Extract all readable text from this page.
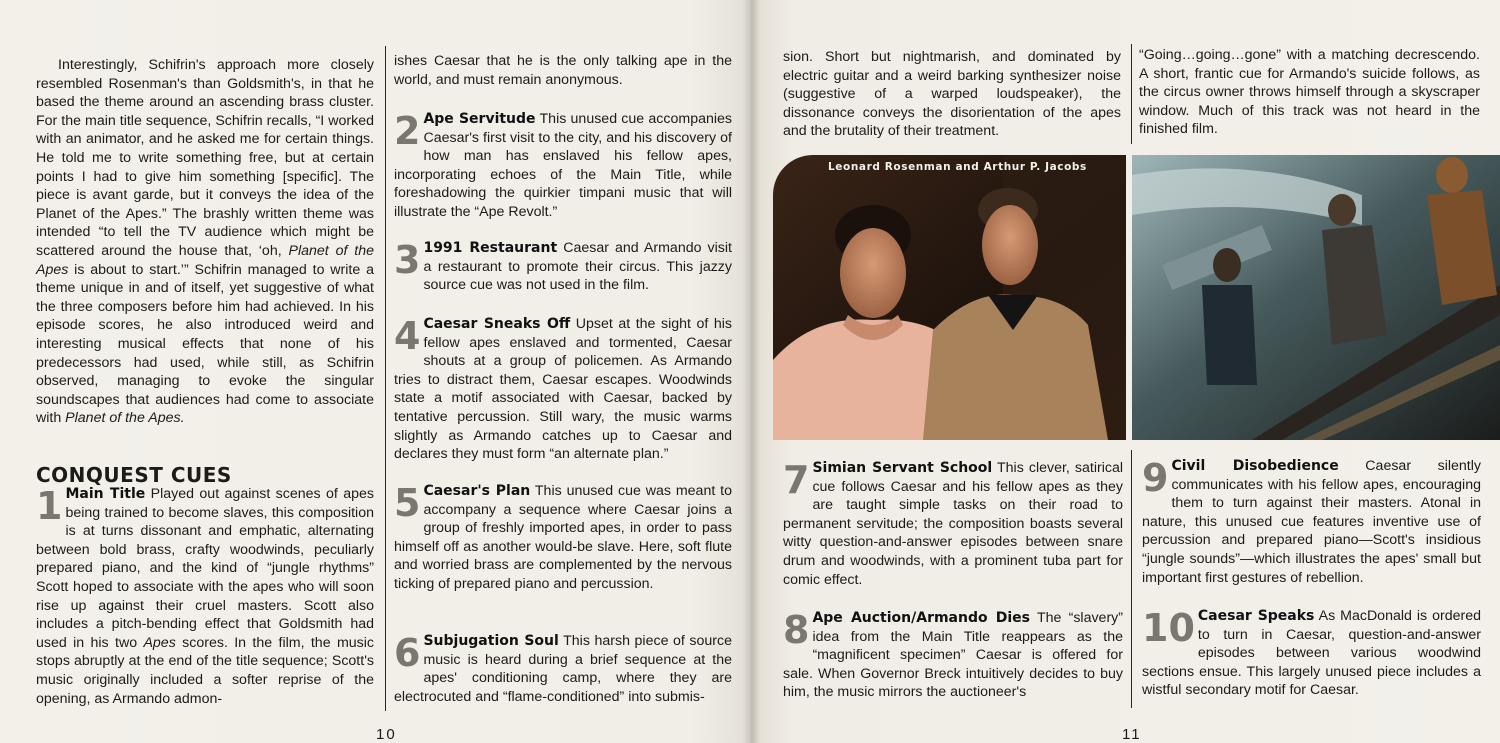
Interestingly, Schifrin's approach more closely resembled Rosenman's than Goldsmith's, in that he based the theme around an ascending brass cluster. For the main title sequence, Schifrin recalls, “I worked with an animator, and he asked me for certain things. He told me to write something free, but at certain points I had to give him something [specific]. The piece is avant garde, but it conveys the idea of the Planet of the Apes.” The brashly written theme was intended “to tell the TV audience which might be scattered around the house that, ‘oh, Planet of the Apes is about to start.’” Schifrin managed to write a theme unique in and of itself, yet suggestive of what the three composers before him had achieved. In his episode scores, he also introduced weird and interesting musical effects that none of his predecessors had used, while still, as Schifrin observed, managing to evoke the singular soundscapes that audiences had come to associate with Planet of the Apes.

CONQUEST CUES
1 Main Title Played out against scenes of apes being trained to become slaves, this composition is at turns dissonant and emphatic, alternating between bold brass, crafty woodwinds, peculiarly prepared piano, and the kind of “jungle rhythms” Scott hoped to associate with the apes who will soon rise up against their cruel masters. Scott also includes a pitch-bending effect that Goldsmith had used in his two Apes scores. In the film, the music stops abruptly at the end of the title sequence; Scott's music originally included a softer reprise of the opening, as Armando admon-
ishes Caesar that he is the only talking ape in the world, and must remain anonymous.
2 Ape Servitude This unused cue accompanies Caesar's first visit to the city, and his discovery of how man has enslaved his fellow apes, incorporating echoes of the Main Title, while foreshadowing the quirkier timpani music that will illustrate the “Ape Revolt.”
3 1991 Restaurant Caesar and Armando visit a restaurant to promote their circus. This jazzy source cue was not used in the film.
4 Caesar Sneaks Off Upset at the sight of his fellow apes enslaved and tormented, Caesar shouts at a group of policemen. As Armando tries to distract them, Caesar escapes. Woodwinds state a motif associated with Caesar, backed by tentative percussion. Still wary, the music warms slightly as Armando catches up to Caesar and declares they must form “an alternate plan.”
5 Caesar's Plan This unused cue was meant to accompany a sequence where Caesar joins a group of freshly imported apes, in order to pass himself off as another would-be slave. Here, soft flute and worried brass are complemented by the nervous ticking of prepared piano and percussion.
6 Subjugation Soul This harsh piece of source music is heard during a brief sequence at the apes' conditioning camp, where they are electrocuted and “flame-conditioned” into submis-
10
sion. Short but nightmarish, and dominated by electric guitar and a weird barking synthesizer noise (suggestive of a warped loudspeaker), the dissonance conveys the disorientation of the apes and the brutality of their treatment.
“Going…going…gone” with a matching decrescendo. A short, frantic cue for Armando's suicide follows, as the circus owner throws himself through a skyscraper window. Much of this track was not heard in the finished film.
Leonard Rosenman and Arthur P. Jacobs
7 Simian Servant School This clever, satirical cue follows Caesar and his fellow apes as they are taught simple tasks on their road to permanent servitude; the composition boasts several witty question-and-answer episodes between snare drum and woodwinds, with a prominent tuba part for comic effect.
8 Ape Auction/Armando Dies The “slavery” idea from the Main Title reappears as the “magnificent specimen” Caesar is offered for sale. When Governor Breck intuitively decides to buy him, the music mirrors the auctioneer's
9 Civil Disobedience Caesar silently communicates with his fellow apes, encouraging them to turn against their masters. Atonal in nature, this unused cue features inventive use of percussion and prepared piano—Scott's insidious “jungle sounds”—which illustrates the apes' small but important first gestures of rebellion.
10 Caesar Speaks As MacDonald is ordered to turn in Caesar, question-and-answer episodes between various woodwind sections ensue. This largely unused piece includes a wistful secondary motif for Caesar.
11
